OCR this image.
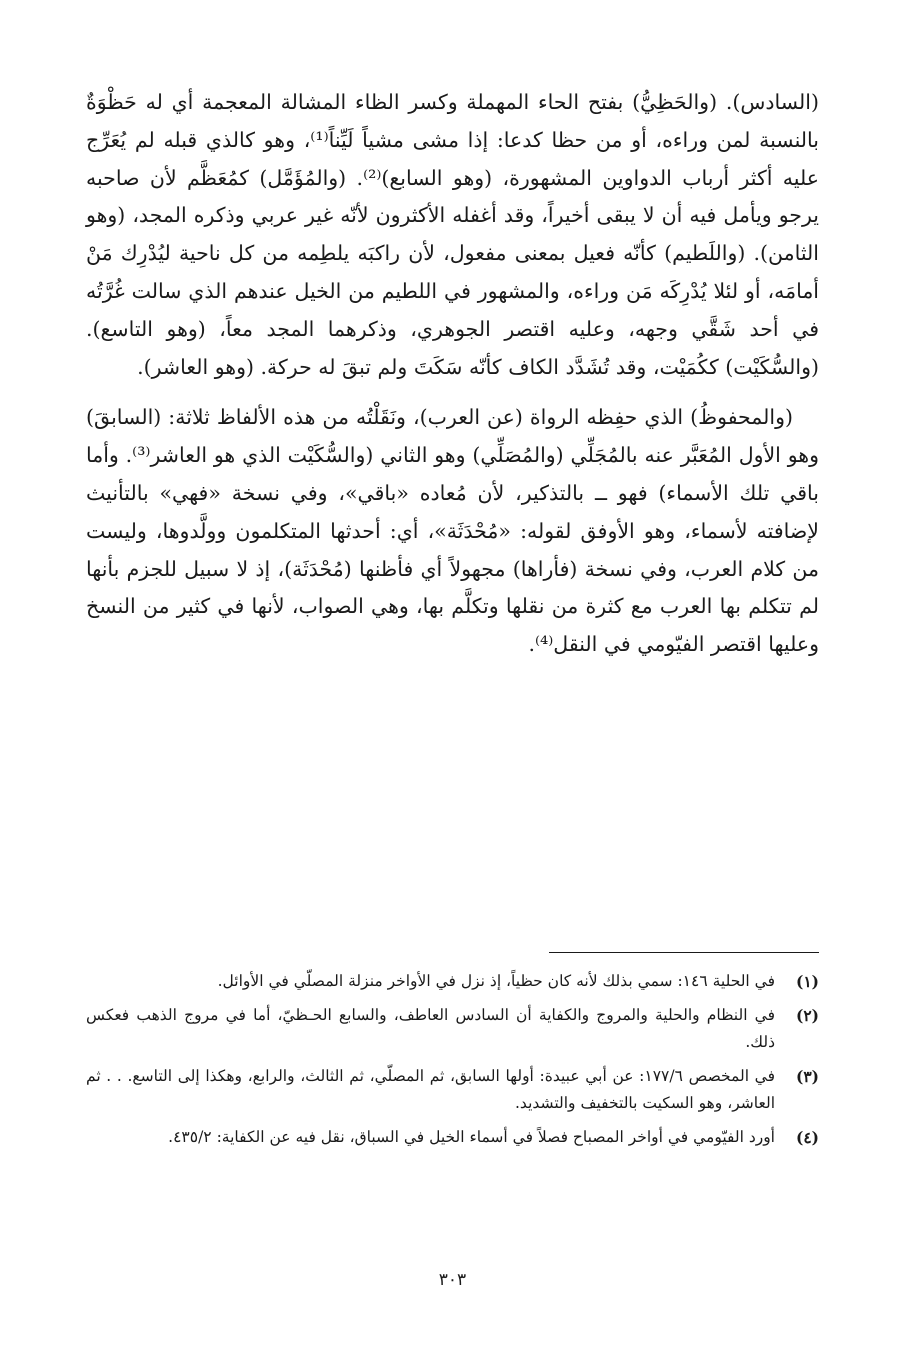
(السادس). (والحَظِيُّ) بفتح الحاء المهملة وكسر الظاء المشالة المعجمة أي له حَظْوَةٌ بالنسبة لمن وراءه، أو من حظا كدعا: إذا مشى مشياً لَيِّناً⁽¹⁾، وهو كالذي قبله لم يُعَرِّج عليه أكثر أرباب الدواوين المشهورة، (وهو السابع)⁽²⁾. (والمُؤَمَّل) كمُعَظَّم لأن صاحبه يرجو ويأمل فيه أن لا يبقى أخيراً، وقد أغفله الأكثرون لأنّه غير عربي وذكره المجد، (وهو الثامن). (واللَطيم) كأنّه فعيل بمعنى مفعول، لأن راكبَه يلطِمه من كل ناحية ليُدْرِك مَنْ أمامَه، أو لئلا يُدْرِكَه مَن وراءه، والمشهور في اللطيم من الخيل عندهم الذي سالت غُرَّتُه في أحد شَقَّي وجهه، وعليه اقتصر الجوهري، وذكرهما المجد معاً، (وهو التاسع). (والسُّكَيْت) ككُمَيْت، وقد تُشَدَّد الكاف كأنّه سَكَتَ ولم تبقَ له حركة. (وهو العاشر).

(والمحفوظُ) الذي حفِظه الرواة (عن العرب)، ونَقَلْتُه من هذه الألفاظ ثلاثة: (السابقَ) وهو الأول المُعَبَّر عنه بالمُجَلِّي (والمُصَلِّي) وهو الثاني (والسُّكَيْت الذي هو العاشر⁽³⁾. وأما باقي تلك الأسماء) فهو ــ بالتذكير، لأن مُعاده «باقي»، وفي نسخة «فهي» بالتأنيث لإضافته لأسماء، وهو الأوفق لقوله: «مُحْدَثَة»، أي: أحدثها المتكلمون وولَّدوها، وليست من كلام العرب، وفي نسخة (فأراها) مجهولاً أي فأظنها (مُحْدَثَة)، إذ لا سبيل للجزم بأنها لم تتكلم بها العرب مع كثرة من نقلها وتكلَّم بها، وهي الصواب، لأنها في كثير من النسخ وعليها اقتصر الفيّومي في النقل⁽⁴⁾.

(١)
في الحلية ١٤٦: سمي بذلك لأنه كان حظياً، إذ نزل في الأواخر منزلة المصلّي في الأوائل.
(٢)
في النظام والحلية والمروج والكفاية أن السادس العاطف، والسابع الحـظيّ، أما في مروج الذهب فعكس ذلك.
(٣)
في المخصص ١٧٧/٦: عن أبي عبيدة: أولها السابق، ثم المصلّي، ثم الثالث، والرابع، وهكذا إلى التاسع. . . ثم العاشر، وهو السكيت بالتخفيف والتشديد.
(٤)
أورد الفيّومي في أواخر المصباح فصلاً في أسماء الخيل في السباق، نقل فيه عن الكفاية: ٤٣٥/٢.
٣٠٣
